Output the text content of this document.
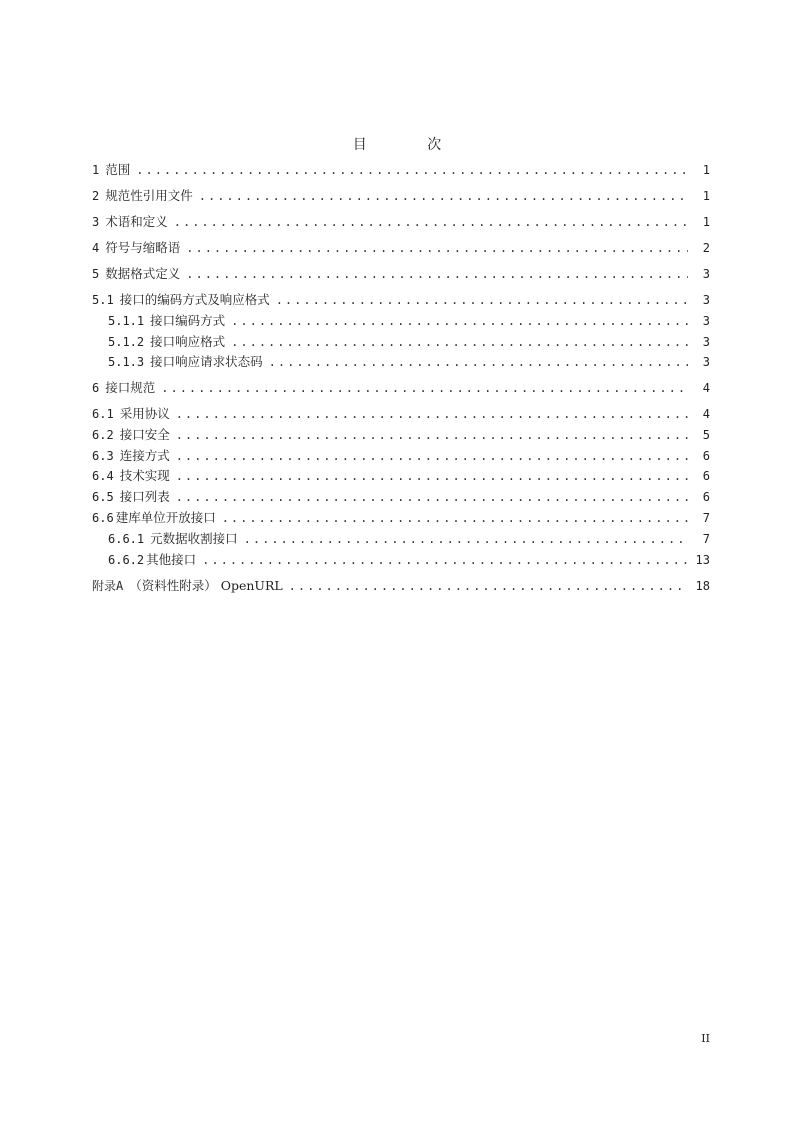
目 次
1 范围 .....	1
2 规范性引用文件 .....	1
3 术语和定义 .....	1
4 符号与缩略语 .....	2
5 数据格式定义 .....	3
5.1 接口的编码方式及响应格式 .....	3
5.1.1 接口编码方式 .....	3
5.1.2 接口响应格式 .....	3
5.1.3 接口响应请求状态码 .....	3
6 接口规范 .....	4
6.1 采用协议 .....	4
6.2 接口安全 .....	5
6.3 连接方式 .....	6
6.4 技术实现 .....	6
6.5 接口列表 .....	6
6.6 建库单位开放接口 .....	7
6.6.1 元数据收割接口 .....	7
6.6.2 其他接口 .....	13
附录A （资料性附录） OpenURL .....	18
II
